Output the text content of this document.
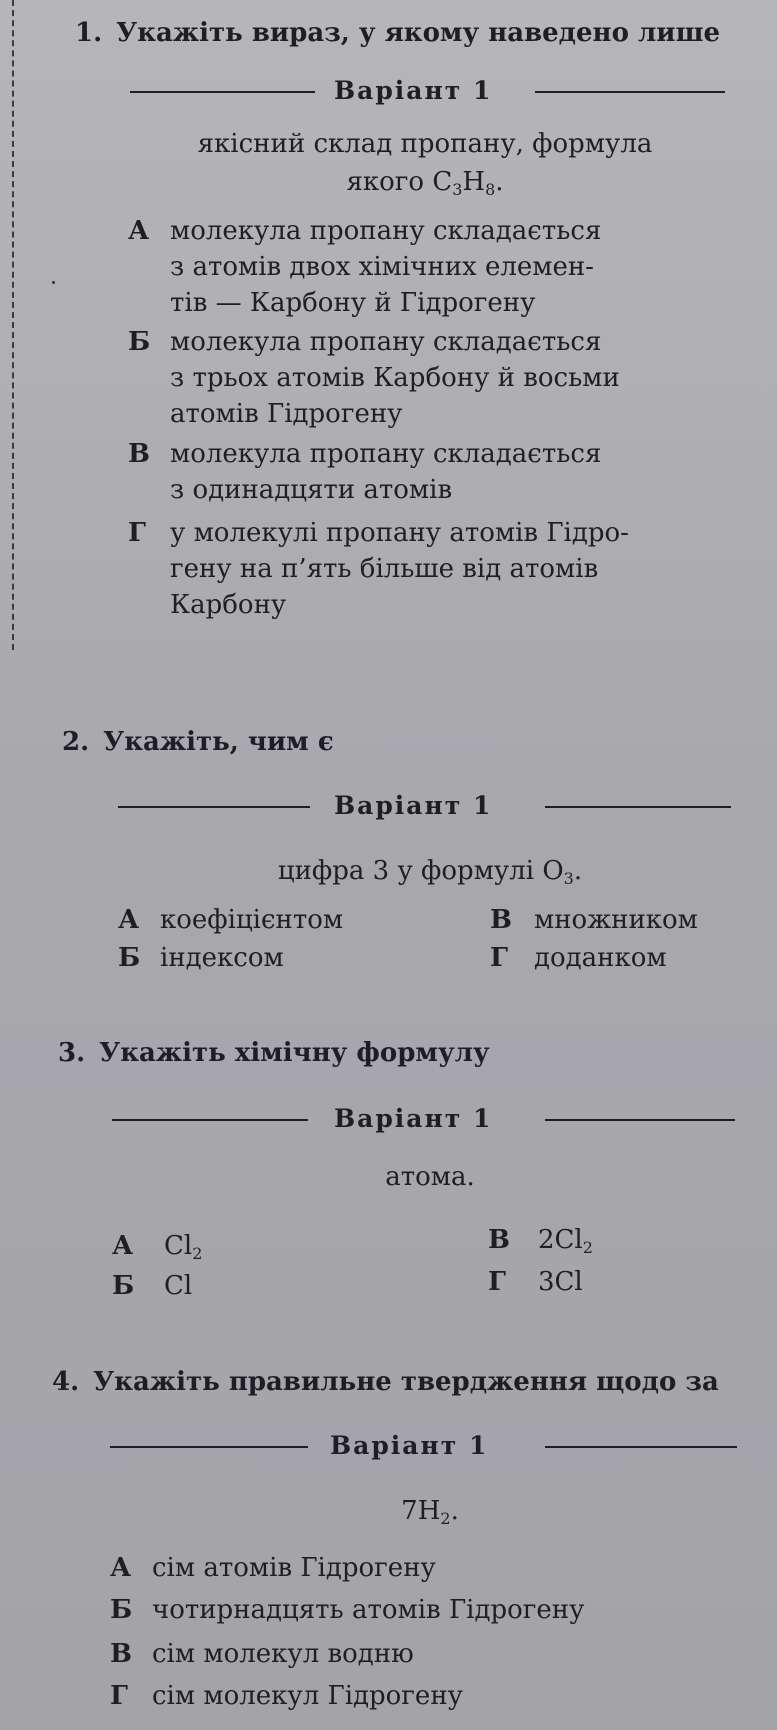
1. Укажіть вираз, у якому наведено лише
Варіант 1
якісний склад пропану, формула
якого $C_3H_8$.
А молекула пропану складається
з атомів двох хімічних елемен-
тів — Карбону й Гідрогену
Б молекула пропану складається
з трьох атомів Карбону й восьми
атомів Гідрогену
В молекула пропану складається
з одинадцяти атомів
Г у молекулі пропану атомів Гідро-
гену на п’ять більше від атомів
Карбону
2. Укажіть, чим є
Варіант 1
цифра 3 у формулі $O_3$.
А коефіцієнтом
Б індексом
В множником
Г доданком
3. Укажіть хімічну формулу
Варіант 1
атома.
А $Cl_2$
Б Cl
В $2Cl_2$
Г 3Cl
4. Укажіть правильне твердження щодо за
Варіант 1
$7H_2$.
А сім атомів Гідрогену
Б чотирнадцять атомів Гідрогену
В сім молекул водню
Г сім молекул Гідрогену
